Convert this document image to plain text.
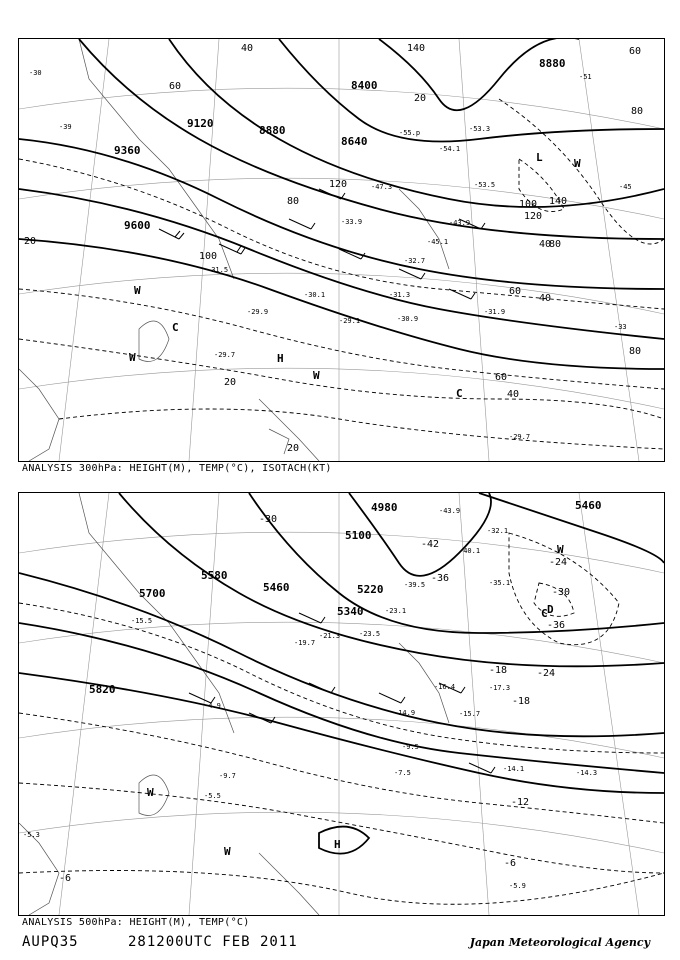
9360
9600
9120
8880
8640
8400
8880
40
60
80
100
120
140
20
40
60
80
100
120
140
20
40
60
80
20
40
60
80
20
L	W
C
W
W	H
C
W
-30
-31.5
-29.9
-30.1	-31.3
-31.9
-30.9
-29.7
-29.1
-32.7
-33.9	-43.9
-45.1
-47.3
-55.p	-53.3
-53.5
-54.1
-51
-45
-39
-33
-29.7
ANALYSIS 300hPa: HEIGHT(M), TEMP(°C), ISOTACH(KT)
5700
5580
5460
5340
5100
4980	5460
5220
5820
-42
-36
-30
-24
-18
-12
-6
-30
-36
-24
-18
-6
-15.5
-19.7
-21.3	-23.5
-23.1
-35.1
-39.5
-40.1
-43.9
-32.1
-14.1	-14.3
-5.9
-5.3
-9.5
-7.5
-14.9
-16.4
-15.7
-17.3
-4.9
-9.7
-5.5
W
D
C
W
H
W
ANALYSIS 500hPa: HEIGHT(M), TEMP(°C)
AUPQ35	281200UTC FEB 2011	Japan Meteorological Agency
